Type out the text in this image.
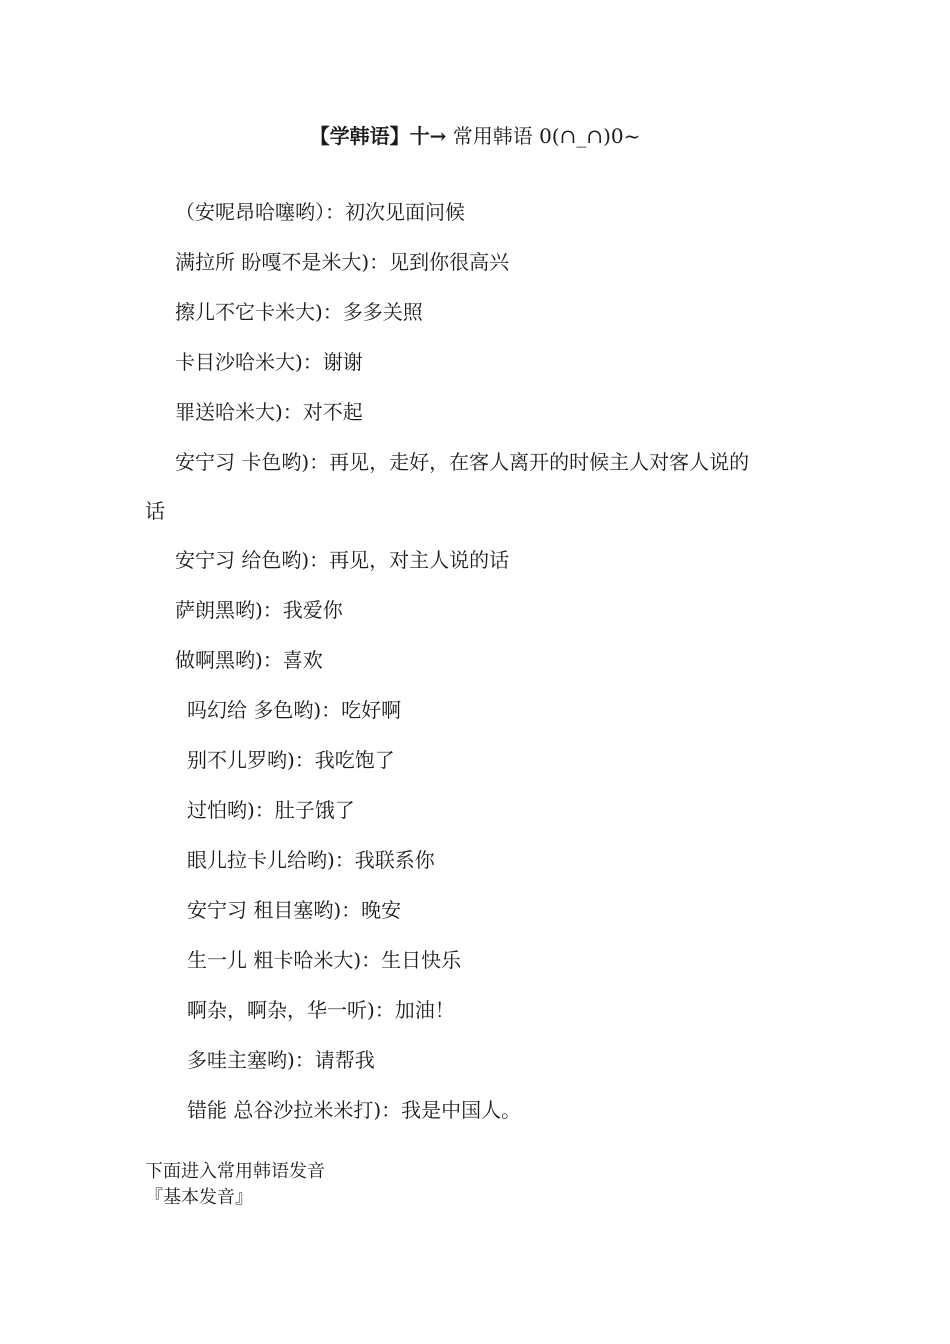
【学韩语】十→ 常用韩语 0(∩_∩)0~
（安呢昂哈噻哟）：初次见面问候
满拉所 盼嘎不是米大)：见到你很高兴
擦儿不它卡米大)：多多关照
卡目沙哈米大)：谢谢
罪送哈米大)：对不起
安宁习 卡色哟)：再见，走好，在客人离开的时候主人对客人说的
话
安宁习 给色哟)：再见，对主人说的话
萨朗黑哟)：我爱你
做啊黑哟)：喜欢
吗幻给 多色哟)：吃好啊
别不儿罗哟)：我吃饱了
过怕哟)：肚子饿了
眼儿拉卡儿给哟)：我联系你
安宁习 租目塞哟)：晚安
生一儿 粗卡哈米大)：生日快乐
啊杂，啊杂，华一听)：加油！
多哇主塞哟)：请帮我
错能 总谷沙拉米米打)：我是中国人。
下面进入常用韩语发音
『基本发音』
